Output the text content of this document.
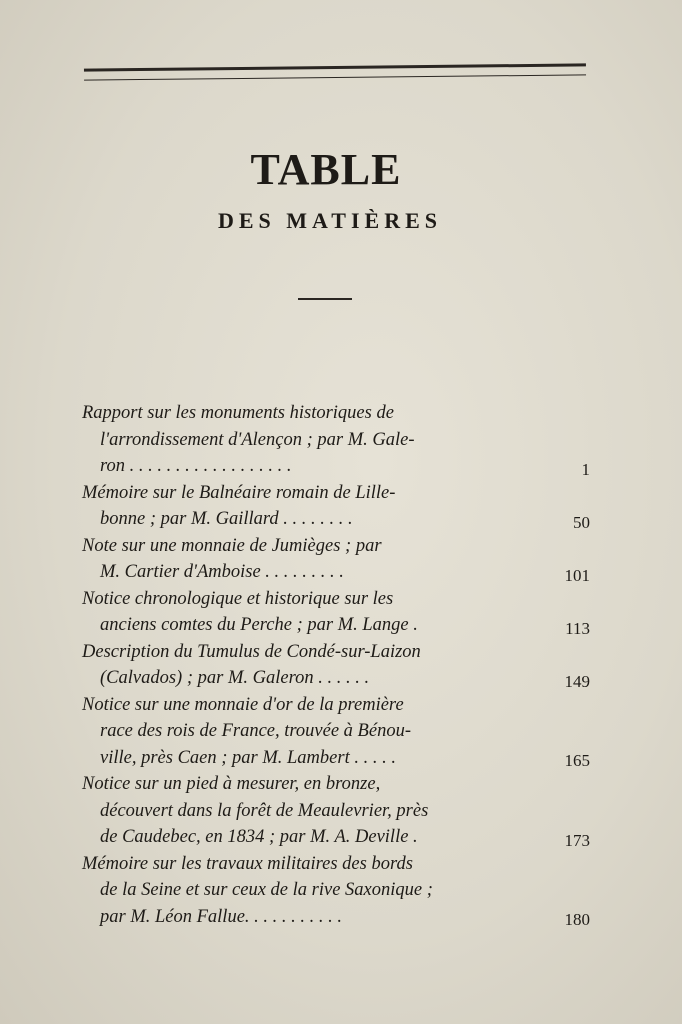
TABLE
DES MATIÈRES
Rapport sur les monuments historiques de
l'arrondissement d'Alençon ; par M. Gale-
ron . . . . . . . . . . . . . . . . . .	1
Mémoire sur le Balnéaire romain de Lille-
bonne ; par M. Gaillard . . . . . . . .	50
Note sur une monnaie de Jumièges ; par
M. Cartier d'Amboise . . . . . . . . .	101
Notice chronologique et historique sur les
anciens comtes du Perche ; par M. Lange .	113
Description du Tumulus de Condé-sur-Laizon
(Calvados) ; par M. Galeron . . . . . .	149
Notice sur une monnaie d'or de la première
race des rois de France, trouvée à Bénou-
ville, près Caen ; par M. Lambert . . . . .	165
Notice sur un pied à mesurer, en bronze,
découvert dans la forêt de Meaulevrier, près
de Caudebec, en 1834 ; par M. A. Deville .	173
Mémoire sur les travaux militaires des bords
de la Seine et sur ceux de la rive Saxonique ;
par M. Léon Fallue. . . . . . . . . . .	180
